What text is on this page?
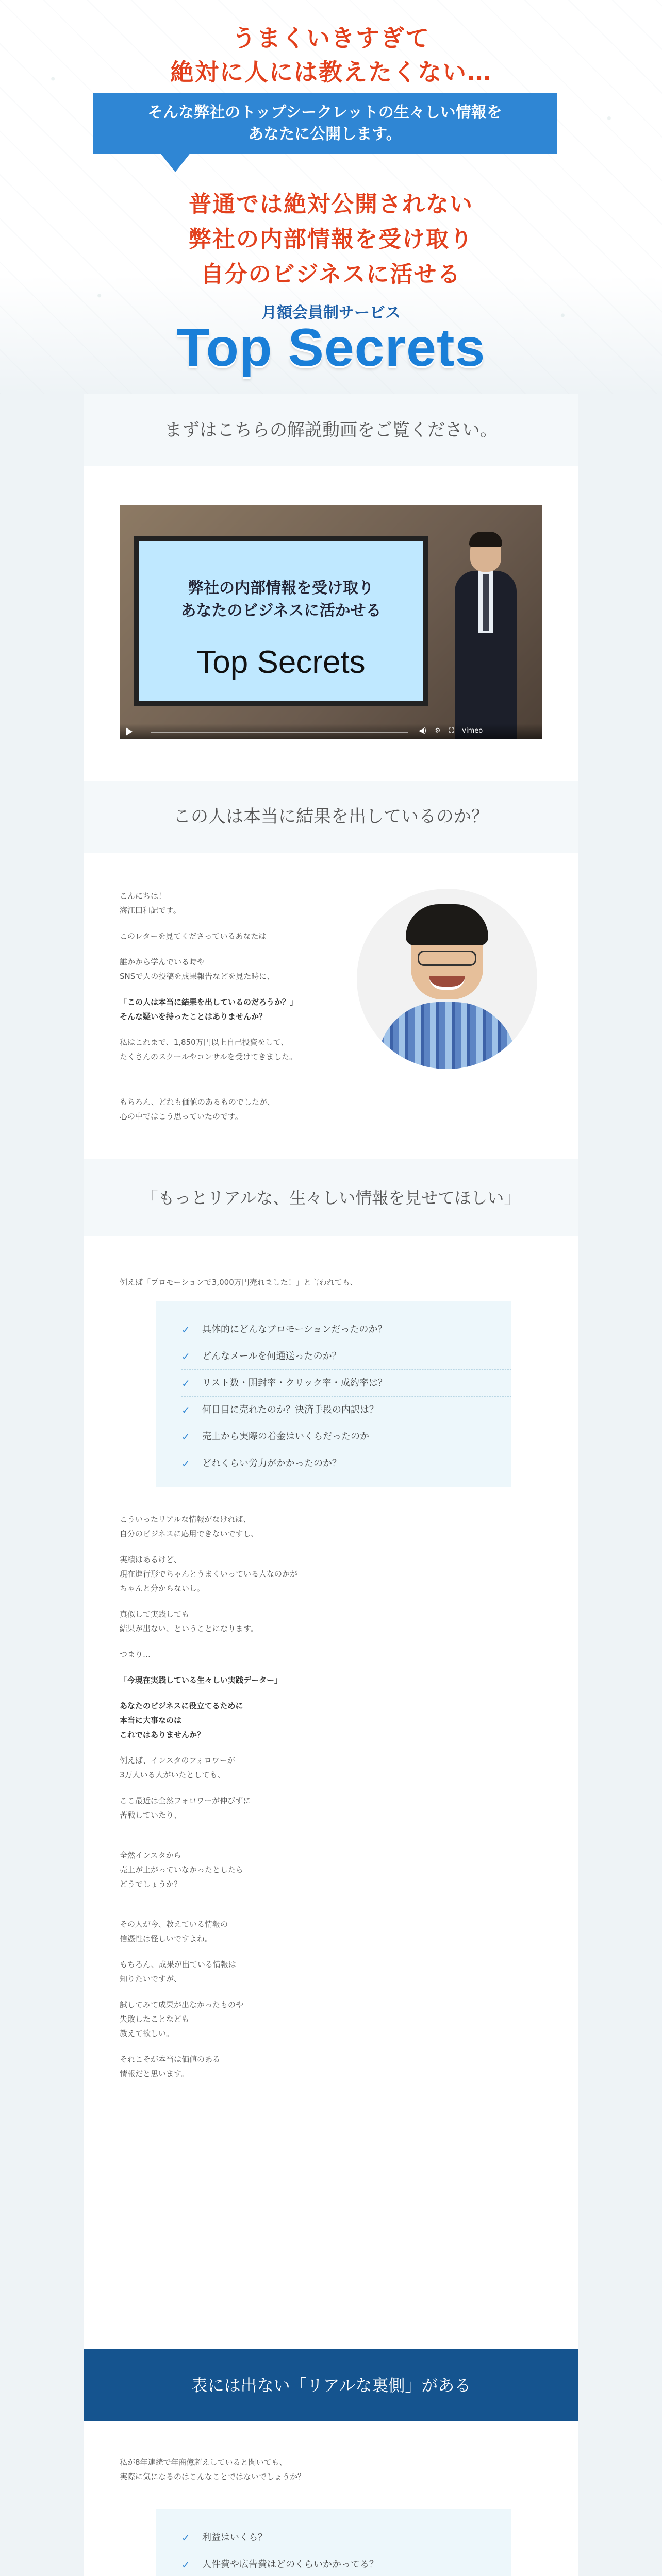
うまくいきすぎて
絶対に人には教えたくない…
そんな弊社のトップシークレットの生々しい情報を
あなたに公開します。
普通では絶対公開されない
弊社の内部情報を受け取り
自分のビジネスに活せる
月額会員制サービス
Top Secrets
まずはこちらの解説動画をご覧ください。
弊社の内部情報を受け取り
あなたのビジネスに活かせる
Top Secrets
◀) ⚙ ⛶ vimeo
この人は本当に結果を出しているのか？

こんにちは！
海江田和記です。

このレターを見てくださっているあなたは

誰かから学んでいる時や
SNSで人の投稿を成果報告などを見た時に、

「この人は本当に結果を出しているのだろうか？」
そんな疑いを持ったことはありませんか？

私はこれまで、1,850万円以上自己投資をして、
たくさんのスクールやコンサルを受けてきました。

もちろん、どれも価値のあるものでしたが、
心の中ではこう思っていたのです。

「もっとリアルな、生々しい情報を見せてほしい」
例えば「プロモーションで3,000万円売れました！」と言われても、
✓	具体的にどんなプロモーションだったのか？
✓	どんなメールを何通送ったのか？
✓	リスト数・開封率・クリック率・成約率は？
✓	何日目に売れたのか？決済手段の内訳は？
✓	売上から実際の着金はいくらだったのか
✓	どれくらい労力がかかったのか？

こういったリアルな情報がなければ、
自分のビジネスに応用できないですし、

実績はあるけど、
現在進行形でちゃんとうまくいっている人なのかが
ちゃんと分からないし。

真似して実践しても
結果が出ない、ということになります。

つまり…

「今現在実践している生々しい実践データー」

あなたのビジネスに役立てるために
本当に大事なのは
これではありませんか？

例えば、インスタのフォロワーが
3万人いる人がいたとしても、

ここ最近は全然フォロワーが伸びずに
苦戦していたり、

全然インスタから
売上が上がっていなかったとしたら
どうでしょうか？

その人が今、教えている情報の
信憑性は怪しいですよね。

もちろん、成果が出ている情報は
知りたいですが、

試してみて成果が出なかったものや
失敗したことなども
教えて欲しい。

それこそが本当は価値のある
情報だと思います。

表には出ない「リアルな裏側」がある

私が8年連続で年商億超えしていると聞いても、
実際に気になるのはこんなことではないでしょうか？

✓	利益はいくら？
✓	人件費や広告費はどのくらいかかってる？
